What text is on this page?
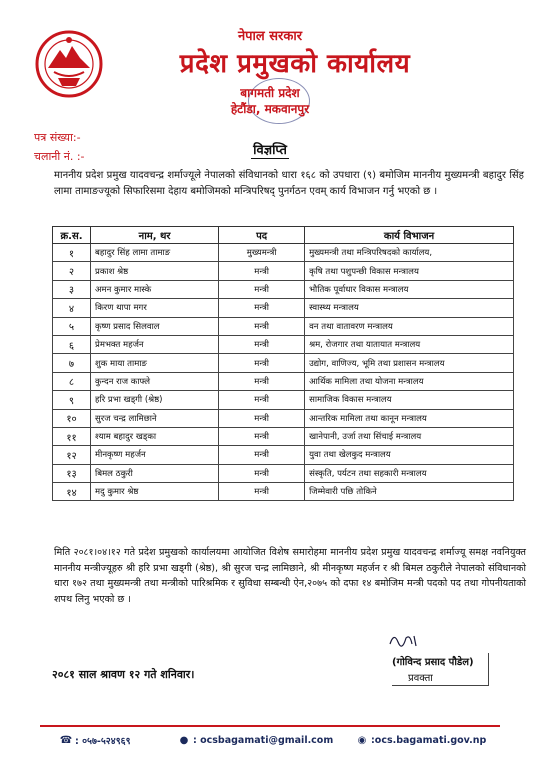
नेपाल सरकार
प्रदेश प्रमुखको कार्यालय
बागमती प्रदेश
हेटौंडा, मकवानपुर
पत्र संख्या:-
चलानी नं. :-	विज्ञप्ति
माननीय प्रदेश प्रमुख यादवचन्द्र शर्माज्यूले नेपालको संविधानको धारा १६८ को उपधारा (९) बमोजिम माननीय मुख्यमन्त्री बहादुर सिंह लामा तामाङज्यूको सिफारिसमा देहाय बमोजिमको मन्त्रिपरिषद् पुनर्गठन एवम् कार्य विभाजन गर्नु भएको छ ।
क्र.स.	नाम, थर	पद	कार्य विभाजन
१	बहादुर सिंह लामा तामाङ	मुख्यमन्त्री	मुख्यमन्त्री तथा मन्त्रिपरिषदको कार्यालय,
२	प्रकाश श्रेष्ठ	मन्त्री	कृषि तथा पशुपन्छी विकास मन्त्रालय
३	अमन कुमार मास्के	मन्त्री	भौतिक पूर्वाधार विकास मन्त्रालय
४	किरण थापा मगर	मन्त्री	स्वास्थ्य मन्त्रालय
५	कृष्ण प्रसाद सिलवाल	मन्त्री	वन तथा वातावरण मन्त्रालय
६	प्रेमभक्त महर्जन	मन्त्री	श्रम, रोजगार तथा यातायात मन्त्रालय
७	शुक माया तामाङ	मन्त्री	उद्योग, वाणिज्य, भूमि तथा प्रशासन मन्त्रालय
८	कुन्दन राज काफ्ले	मन्त्री	आर्थिक मामिला तथा योजना मन्त्रालय
९	हरि प्रभा खड्गी (श्रेष्ठ)	मन्त्री	सामाजिक विकास मन्त्रालय
१०	सुरज चन्द्र लामिछाने	मन्त्री	आन्तरिक मामिला तथा कानून मन्त्रालय
११	श्याम बहादुर खड्का	मन्त्री	खानेपानी, उर्जा तथा सिंचाई मन्त्रालय
१२	मीनकृष्ण महर्जन	मन्त्री	युवा तथा खेलकुद मन्त्रालय
१३	बिमल ठकुरी	मन्त्री	संस्कृति, पर्यटन तथा सहकारी मन्त्रालय
१४	मदु कुमार श्रेष्ठ	मन्त्री	जिम्मेवारी पछि तोकिने
मिति २०८१।०४।१२ गते प्रदेश प्रमुखको कार्यालयमा आयोजित विशेष समारोहमा माननीय प्रदेश प्रमुख यादवचन्द्र शर्माज्यू समक्ष नवनियुक्त माननीय मन्त्रीज्यूहरु श्री हरि प्रभा खड्गी (श्रेष्ठ), श्री सुरज चन्द्र लामिछाने, श्री मीनकृष्ण महर्जन र श्री बिमल ठकुरीले नेपालको संविधानको धारा १७२ तथा मुख्यमन्त्री तथा मन्त्रीको पारिश्रमिक र सुविधा सम्बन्धी ऐन,२०७५ को दफा १४ बमोजिम मन्त्री पदको पद तथा गोपनीयताको शपथ लिनु भएको छ ।
(गोविन्द प्रसाद पौडेल)
प्रवक्ता
२०८१ साल श्रावण १२ गते शनिवार।
☎ : ०५७-५२४९६९	● : ocsbagamati@gmail.com ◉ :ocs.bagamati.gov.np
